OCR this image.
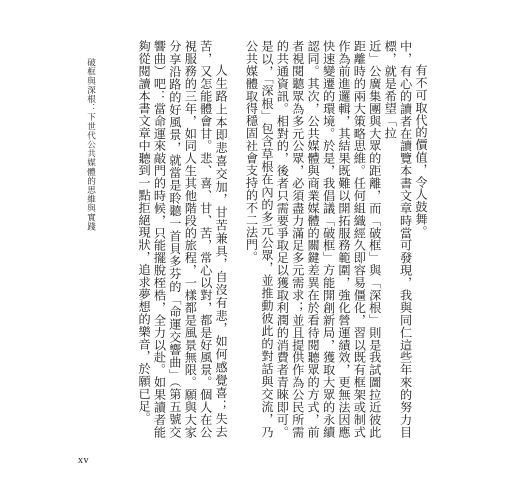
破框與深根：下世代公共媒體的思維與實踐	有不可取代的價值，令人鼓舞。

中，有心的讀者在讀覽本書文章時當可發現，我與同仁這些年來的努力目標，就是希望「拉

近」公廣集團與大眾的距離，而「破框」與「深根」則是我試圖拉近彼此距離時的兩大策略思維。任何組織經久即容易僵化，習以既有框架或制式作為前進邏輯，其結果既難以開拓服務範圍，強化營運績效，更無法因應快速變遷的環境。於是，我倡議「破框」方能開創新局，獲取大眾的永續認同。其次，公共媒體與商業媒體的關鍵差異在於看待閱聽眾的方式，前者視閱聽眾為多元公眾，必須盡力滿足多元需求；並且提供作為公民所需的共通資訊。相對的，後者只需要爭取足以獲取利潤的消費者青睞即可。是以，「深根」包含草根在內的多元公眾，並推動彼此的對話與交流，乃公共媒體取得穩固社會支持的不二法門。

人生路上本即悲喜交加，甘苦兼具，自沒有悲，如何感覺喜；失去苦，又怎能體會甘。悲、喜、甘、苦，常心以對，都是好風景。個人在公視服務的三年，如同人生其他階段的旅程，一樣都是風景無限。願與大家分享沿路的好風景，就當是聆聽一首貝多芬的「命運交響曲」（第五號交響曲）吧：當命運來敲門的時候，只能擺脫桎梏，全力以赴。如果讀者能夠從閱讀本書文章中聽到一點拒絕現狀，追求夢想的樂音，於願已足。

xv
